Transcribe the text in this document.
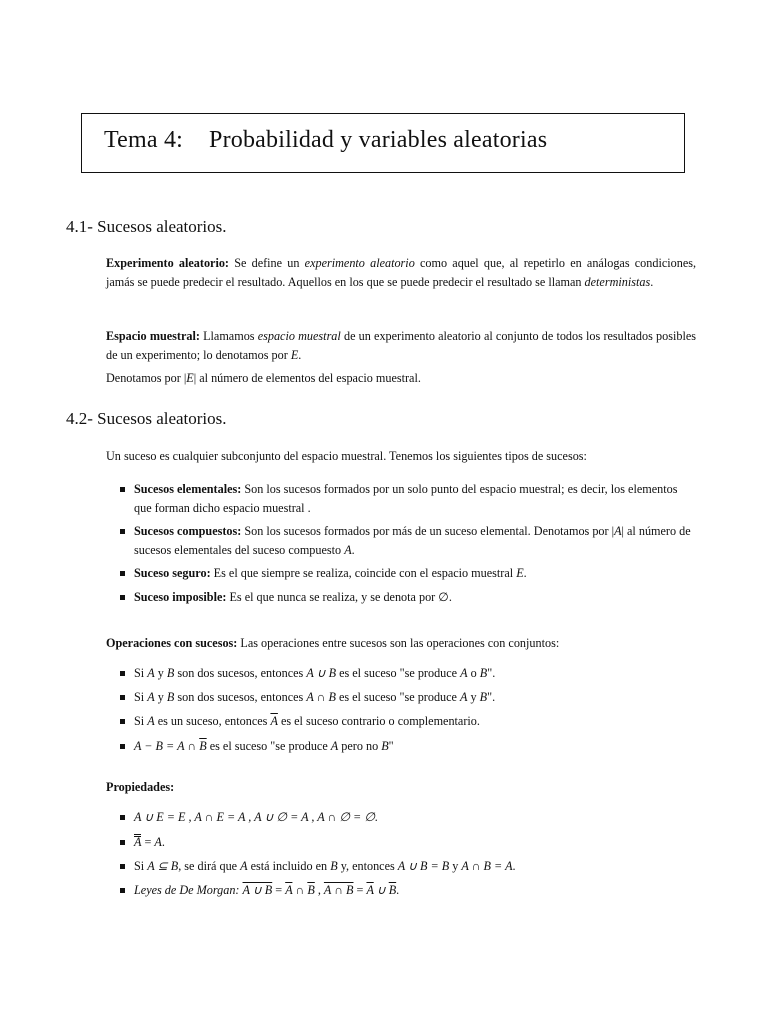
Tema 4: Probabilidad y variables aleatorias
4.1- Sucesos aleatorios.
Experimento aleatorio: Se define un experimento aleatorio como aquel que, al repetirlo en análogas condiciones, jamás se puede predecir el resultado. Aquellos en los que se puede predecir el resultado se llaman deterministas.
Espacio muestral: Llamamos espacio muestral de un experimento aleatorio al conjunto de todos los resultados posibles de un experimento; lo denotamos por E.
Denotamos por |E| al número de elementos del espacio muestral.
4.2- Sucesos aleatorios.
Un suceso es cualquier subconjunto del espacio muestral. Tenemos los siguientes tipos de sucesos:
Sucesos elementales: Son los sucesos formados por un solo punto del espacio muestral; es decir, los elementos que forman dicho espacio muestral .
Sucesos compuestos: Son los sucesos formados por más de un suceso elemental. Denotamos por |A| al número de sucesos elementales del suceso compuesto A.
Suceso seguro: Es el que siempre se realiza, coincide con el espacio muestral E.
Suceso imposible: Es el que nunca se realiza, y se denota por ∅.
Operaciones con sucesos: Las operaciones entre sucesos son las operaciones con conjuntos:
Si A y B son dos sucesos, entonces A ∪ B es el suceso "se produce A o B".
Si A y B son dos sucesos, entonces A ∩ B es el suceso "se produce A y B".
Si A es un suceso, entonces $\overline{A}$ es el suceso contrario o complementario.
A − B = A ∩ $\overline{B}$ es el suceso "se produce A pero no B"
Propiedades:
A ∪ E = E , A ∩ E = A , A ∪ ∅ = A , A ∩ ∅ = ∅.
A = A.
Si A ⊆ B, se dirá que A está incluido en B y, entonces A ∪ B = B y A ∩ B = A.
Leyes de De Morgan: A ∪ $B = \overline{A}$ ∩ $\overline{B}$ , A ∩ $B = \overline{A}$ ∪ $\overline{B}$.
